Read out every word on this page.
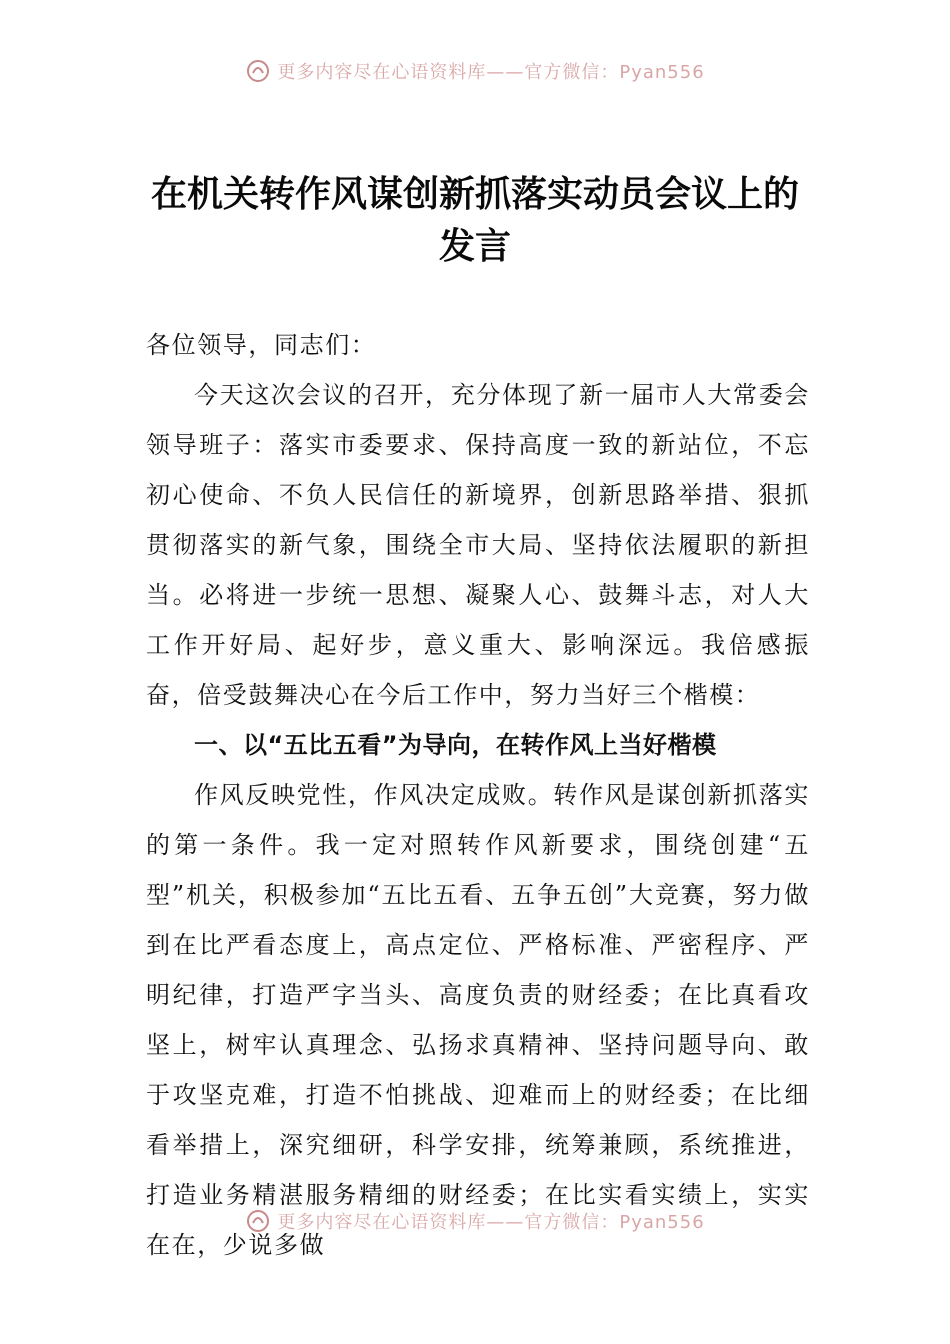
更多内容尽在心语资料库——官方微信：Pyan556
在机关转作风谋创新抓落实动员会议上的
发言

各位领导，同志们：

今天这次会议的召开，充分体现了新一届市人大常委会领导班子：落实市委要求、保持高度一致的新站位，不忘初心使命、不负人民信任的新境界，创新思路举措、狠抓贯彻落实的新气象，围绕全市大局、坚持依法履职的新担当。必将进一步统一思想、凝聚人心、鼓舞斗志，对人大工作开好局、起好步，意义重大、影响深远。我倍感振奋，倍受鼓舞决心在今后工作中，努力当好三个楷模：

一、以“五比五看”为导向，在转作风上当好楷模

作风反映党性，作风决定成败。转作风是谋创新抓落实的第一条件。我一定对照转作风新要求，围绕创建“五型”机关，积极参加“五比五看、五争五创”大竞赛，努力做到在比严看态度上，高点定位、严格标准、严密程序、严明纪律，打造严字当头、高度负责的财经委；在比真看攻坚上，树牢认真理念、弘扬求真精神、坚持问题导向、敢于攻坚克难，打造不怕挑战、迎难而上的财经委；在比细看举措上，深究细研，科学安排，统筹兼顾，系统推进，打造业务精湛服务精细的财经委；在比实看实绩上，实实在在，少说多做

更多内容尽在心语资料库——官方微信：Pyan556
